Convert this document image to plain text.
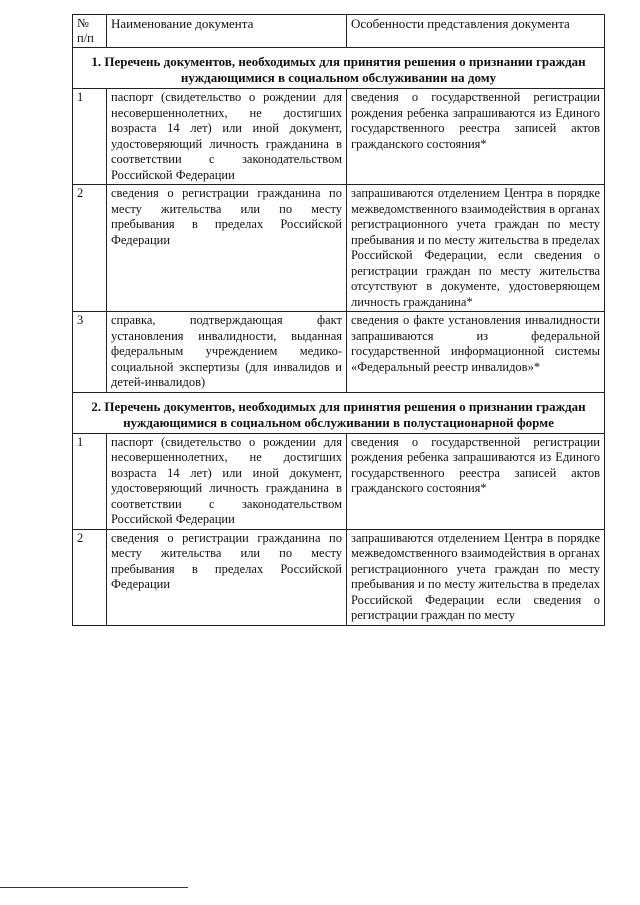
№ п/п	Наименование документа	Особенности представления документа
1. Перечень документов, необходимых для принятия решения о признании граждан нуждающимися в социальном обслуживании на дому		
1	паспорт (свидетельство о рождении для несовершеннолетних, не достигших возраста 14 лет) или иной документ, удостоверяющий личность гражданина в соответствии с законодательством Российской Федерации	сведения о государственной регистрации рождения ребенка запрашиваются из Единого государственного реестра записей актов гражданского состояния*
2	сведения о регистрации гражданина по месту жительства или по месту пребывания в пределах Российской Федерации	запрашиваются отделением Центра в порядке межведомственного взаимодействия в органах регистрационного учета граждан по месту пребывания и по месту жительства в пределах Российской Федерации, если сведения о регистрации граждан по месту жительства отсутствуют в документе, удостоверяющем личность гражданина*
3	справка, подтверждающая факт установления инвалидности, выданная федеральным учреждением медико-социальной экспертизы (для инвалидов и детей-инвалидов)	сведения о факте установления инвалидности запрашиваются из федеральной государственной информационной системы «Федеральный реестр инвалидов»*
2. Перечень документов, необходимых для принятия решения о признании граждан нуждающимися в социальном обслуживании в полустационарной форме		
1	паспорт (свидетельство о рождении для несовершеннолетних, не достигших возраста 14 лет) или иной документ, удостоверяющий личность гражданина в соответствии с законодательством Российской Федерации	сведения о государственной регистрации рождения ребенка запрашиваются из Единого государственного реестра записей актов гражданского состояния*
2	сведения о регистрации гражданина по месту жительства или по месту пребывания в пределах Российской Федерации	запрашиваются отделением Центра в порядке межведомственного взаимодействия в органах регистрационного учета граждан по месту пребывания и по месту жительства в пределах Российской Федерации если сведения о регистрации граждан по месту
